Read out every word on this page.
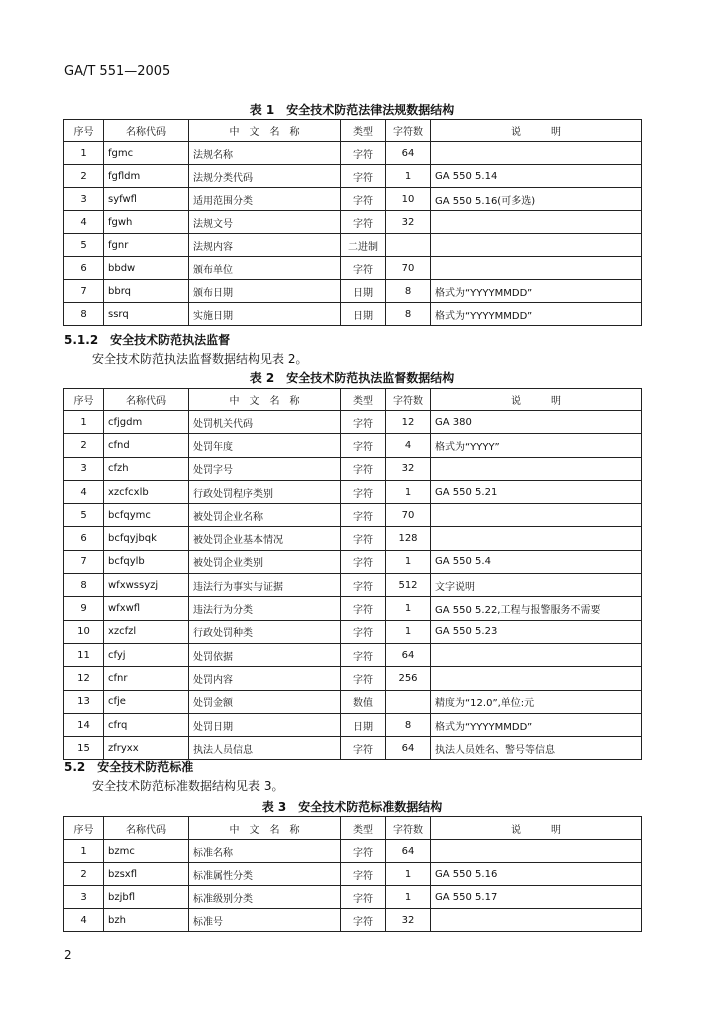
GA/T 551—2005
表 1　安全技术防范法律法规数据结构
序号	名称代码	中　文　名　称	类型	字符数	说　　　明
1	fgmc	法规名称	字符	64	
2	fgfldm	法规分类代码	字符	1	GA 550 5.14
3	syfwfl	适用范围分类	字符	10	GA 550 5.16(可多选)
4	fgwh	法规文号	字符	32	
5	fgnr	法规内容	二进制		
6	bbdw	颁布单位	字符	70	
7	bbrq	颁布日期	日期	8	格式为“YYYYMMDD”
8	ssrq	实施日期	日期	8	格式为“YYYYMMDD”
5.1.2　安全技术防范执法监督
安全技术防范执法监督数据结构见表 2。
表 2　安全技术防范执法监督数据结构
序号	名称代码	中　文　名　称	类型	字符数	说　　　明
1	cfjgdm	处罚机关代码	字符	12	GA 380
2	cfnd	处罚年度	字符	4	格式为“YYYY”
3	cfzh	处罚字号	字符	32	
4	xzcfcxlb	行政处罚程序类别	字符	1	GA 550 5.21
5	bcfqymc	被处罚企业名称	字符	70	
6	bcfqyjbqk	被处罚企业基本情况	字符	128	
7	bcfqylb	被处罚企业类别	字符	1	GA 550 5.4
8	wfxwssyzj	违法行为事实与证据	字符	512	文字说明
9	wfxwfl	违法行为分类	字符	1	GA 550 5.22,工程与报警服务不需要
10	xzcfzl	行政处罚种类	字符	1	GA 550 5.23
11	cfyj	处罚依据	字符	64	
12	cfnr	处罚内容	字符	256	
13	cfje	处罚金额	数值		精度为“12.0”,单位:元
14	cfrq	处罚日期	日期	8	格式为“YYYYMMDD”
15	zfryxx	执法人员信息	字符	64	执法人员姓名、警号等信息
5.2　安全技术防范标准
安全技术防范标准数据结构见表 3。
表 3　安全技术防范标准数据结构
序号	名称代码	中　文　名　称	类型	字符数	说　　　明
1	bzmc	标准名称	字符	64	
2	bzsxfl	标准属性分类	字符	1	GA 550 5.16
3	bzjbfl	标准级别分类	字符	1	GA 550 5.17
4	bzh	标准号	字符	32	
2
